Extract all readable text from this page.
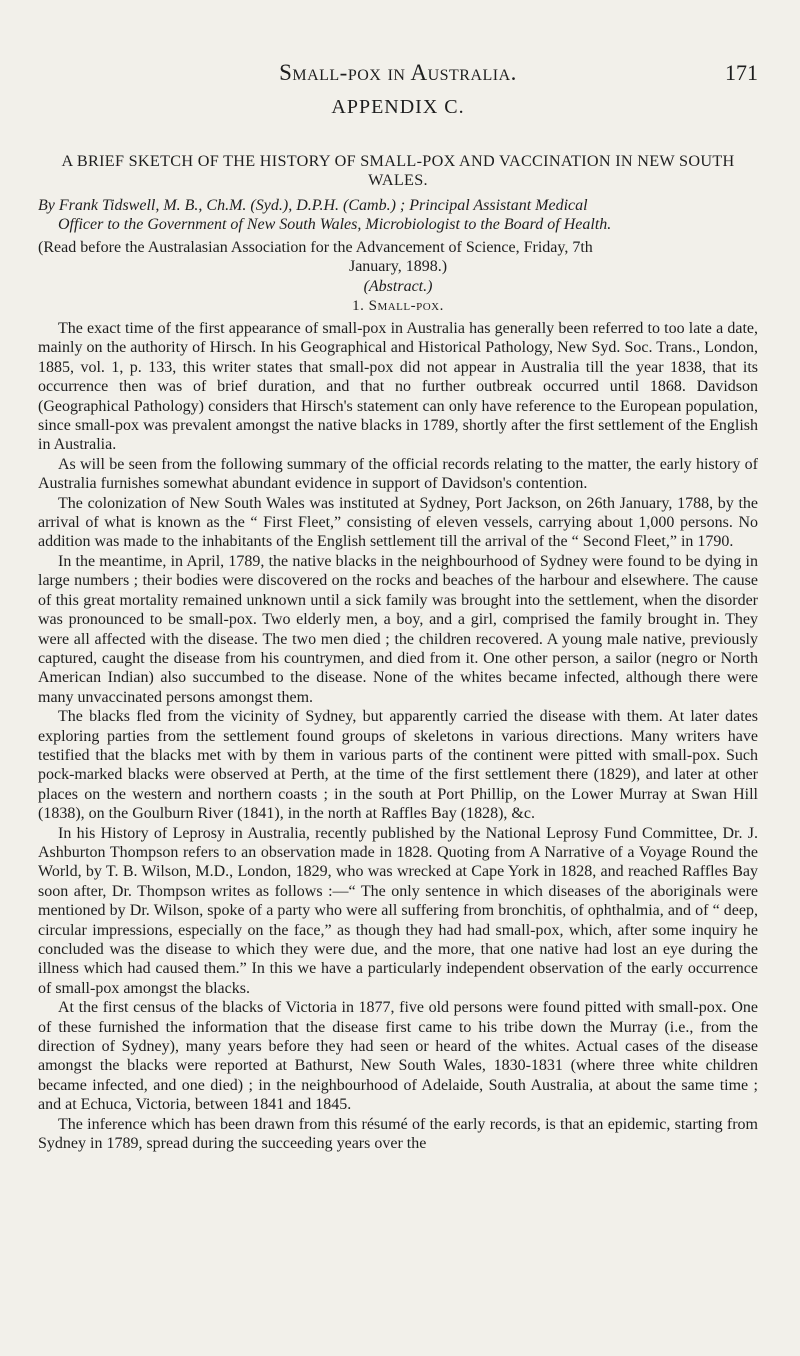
Small-pox in Australia.	171
APPENDIX C.
A BRIEF SKETCH OF THE HISTORY OF SMALL-POX AND VACCINATION IN NEW SOUTH WALES.

By Frank Tidswell, M. B., Ch.M. (Syd.), D.P.H. (Camb.) ; Principal Assistant Medical

Officer to the Government of New South Wales, Microbiologist to the Board of Health.

(Read before the Australasian Association for the Advancement of Science, Friday, 7th

January, 1898.)

(Abstract.)
1. Small-pox.

The exact time of the first appearance of small-pox in Australia has generally been referred to too late a date, mainly on the authority of Hirsch. In his Geographical and Historical Pathology, New Syd. Soc. Trans., London, 1885, vol. 1, p. 133, this writer states that small-pox did not appear in Australia till the year 1838, that its occurrence then was of brief duration, and that no further outbreak occurred until 1868. Davidson (Geographical Pathology) considers that Hirsch's statement can only have reference to the European population, since small-pox was prevalent amongst the native blacks in 1789, shortly after the first settlement of the English in Australia.

As will be seen from the following summary of the official records relating to the matter, the early history of Australia furnishes somewhat abundant evidence in support of Davidson's contention.

The colonization of New South Wales was instituted at Sydney, Port Jackson, on 26th January, 1788, by the arrival of what is known as the “ First Fleet,” consisting of eleven vessels, carrying about 1,000 persons. No addition was made to the inhabitants of the English settlement till the arrival of the “ Second Fleet,” in 1790.

In the meantime, in April, 1789, the native blacks in the neighbourhood of Sydney were found to be dying in large numbers ; their bodies were discovered on the rocks and beaches of the harbour and elsewhere. The cause of this great mortality remained unknown until a sick family was brought into the settlement, when the disorder was pronounced to be small-pox. Two elderly men, a boy, and a girl, comprised the family brought in. They were all affected with the disease. The two men died ; the children recovered. A young male native, previously captured, caught the disease from his countrymen, and died from it. One other person, a sailor (negro or North American Indian) also succumbed to the disease. None of the whites became infected, although there were many unvaccinated persons amongst them.

The blacks fled from the vicinity of Sydney, but apparently carried the disease with them. At later dates exploring parties from the settlement found groups of skeletons in various directions. Many writers have testified that the blacks met with by them in various parts of the continent were pitted with small-pox. Such pock-marked blacks were observed at Perth, at the time of the first settlement there (1829), and later at other places on the western and northern coasts ; in the south at Port Phillip, on the Lower Murray at Swan Hill (1838), on the Goulburn River (1841), in the north at Raffles Bay (1828), &c.

In his History of Leprosy in Australia, recently published by the National Leprosy Fund Committee, Dr. J. Ashburton Thompson refers to an observation made in 1828. Quoting from A Narrative of a Voyage Round the World, by T. B. Wilson, M.D., London, 1829, who was wrecked at Cape York in 1828, and reached Raffles Bay soon after, Dr. Thompson writes as follows :—“ The only sentence in which diseases of the aboriginals were mentioned by Dr. Wilson, spoke of a party who were all suffering from bronchitis, of ophthalmia, and of “ deep, circular impressions, especially on the face,” as though they had had small-pox, which, after some inquiry he concluded was the disease to which they were due, and the more, that one native had lost an eye during the illness which had caused them.” In this we have a particularly independent observation of the early occurrence of small-pox amongst the blacks.

At the first census of the blacks of Victoria in 1877, five old persons were found pitted with small-pox. One of these furnished the information that the disease first came to his tribe down the Murray (i.e., from the direction of Sydney), many years before they had seen or heard of the whites. Actual cases of the disease amongst the blacks were reported at Bathurst, New South Wales, 1830-1831 (where three white children became infected, and one died) ; in the neighbourhood of Adelaide, South Australia, at about the same time ; and at Echuca, Victoria, between 1841 and 1845.

The inference which has been drawn from this résumé of the early records, is that an epidemic, starting from Sydney in 1789, spread during the succeeding years over the
